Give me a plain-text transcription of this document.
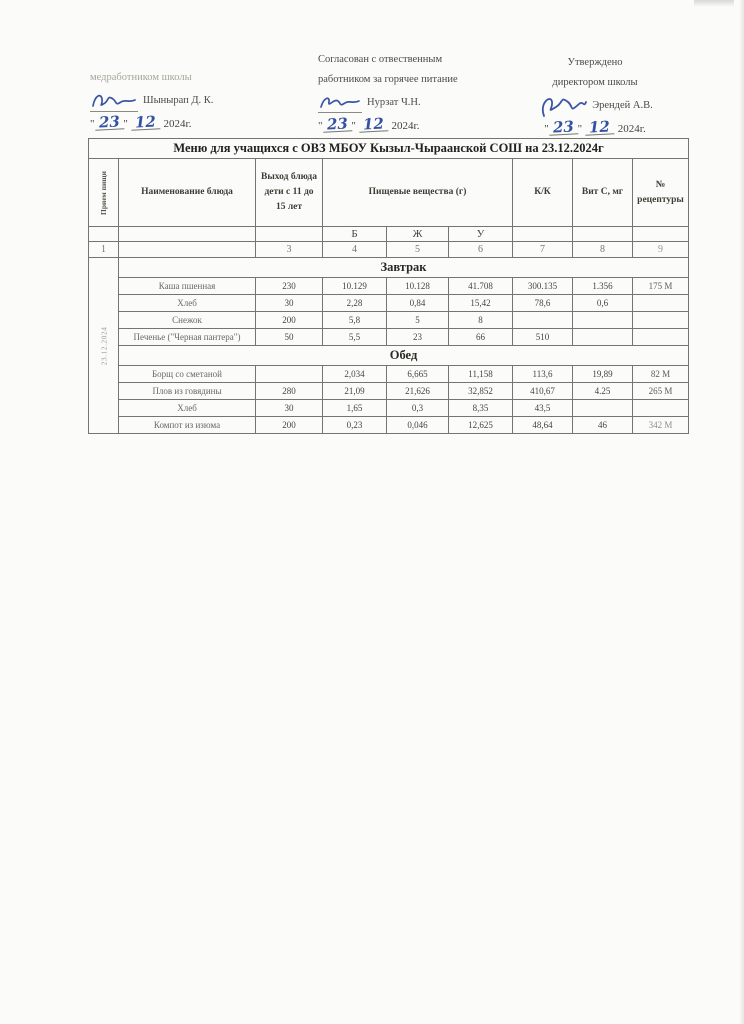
медработником школы
Шынырап Д. К.
" 23 " 12 2024г.
Согласован с отвественным
работником за горячее питание
Нурзат Ч.Н.
" 23 " 12 2024г.
Утверждено
директором школы
Эрендей А.В.
" 23 " 12 2024г.
Меню для учащихся с ОВЗ МБОУ Кызыл-Чыраанской СОШ на 23.12.2024г								

Прием пищи	Наименование блюда	Выход блюда дети с 11 до 15 лет	Пищевые вещества (г)			К/К	Вит С, мг	№ рецептуры
			Б	Ж	У			
1		3	4	5	6	7	8	9

23.12.2024	Завтрак							
	Каша пшенная	230	10.129	10.128	41.708	300.135	1.356	175 М
	Хлеб	30	2,28	0,84	15,42	78,6	0,6	
	Снежок	200	5,8	5	8			
	Печенье ("Черная пантера")	50	5,5	23	66	510		
	Обед							
	Борщ со сметаной		2,034	6,665	11,158	113,6	19,89	82 М
	Плов из говядины	280	21,09	21,626	32,852	410,67	4.25	265 М
	Хлеб	30	1,65	0,3	8,35	43,5		
	Компот из изюма	200	0,23	0,046	12,625	48,64	46	342 М
